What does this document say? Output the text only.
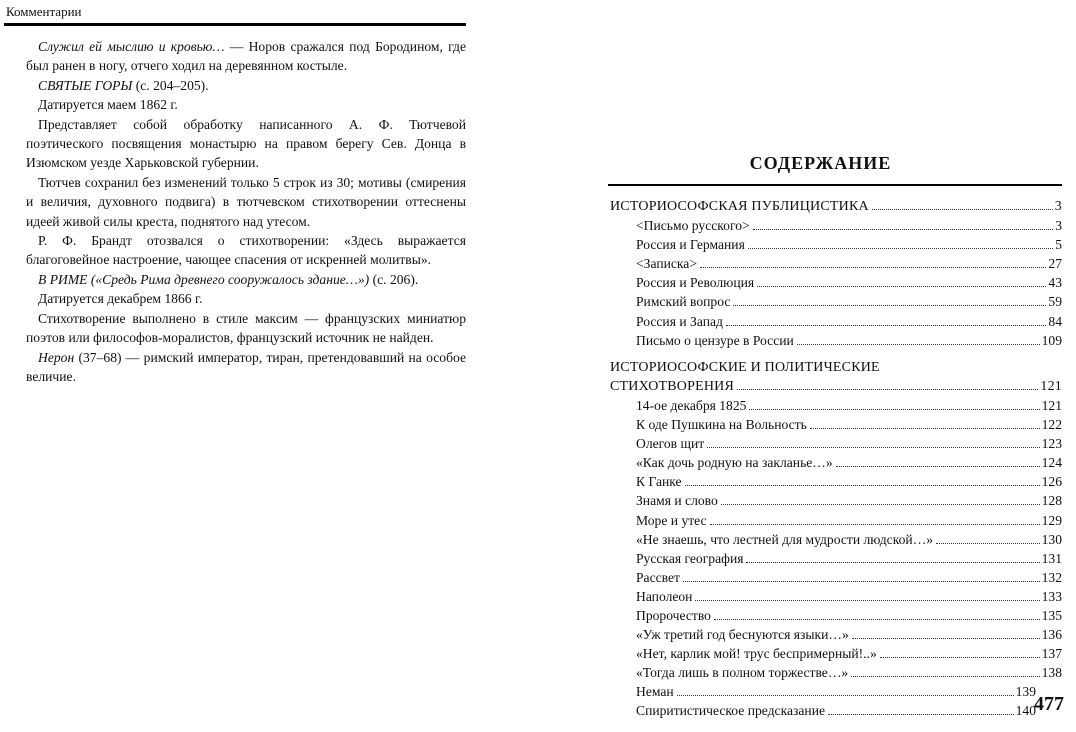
Комментарии

Служил ей мыслию и кровью… — Норов сражался под Бородином, где был ранен в ногу, отчего ходил на деревянном костыле.

СВЯТЫЕ ГОРЫ (с. 204–205).

Датируется маем 1862 г.

Представляет собой обработку написанного А. Ф. Тютчевой поэтического посвящения монастырю на правом берегу Сев. Донца в Изюмском уезде Харьковской губернии.

Тютчев сохранил без изменений только 5 строк из 30; мотивы (смирения и величия, духовного подвига) в тютчевском стихотворении оттеснены идеей живой силы креста, поднятого над утесом.

Р. Ф. Брандт отозвался о стихотворении: «Здесь выражается благоговейное настроение, чающее спасения от искренней молитвы».

В РИМЕ («Средь Рима древнего сооружалось здание…») (с. 206).

Датируется декабрем 1866 г.

Стихотворение выполнено в стиле максим — французских миниатюр поэтов или философов-моралистов, французский источник не найден.

Нерон (37–68) — римский император, тиран, претендовавший на особое величие.

СОДЕРЖАНИЕ
ИСТОРИОСОФСКАЯ ПУБЛИЦИСТИКА	3
<Письмо русского>	3
Россия и Германия	5
<Записка>	27
Россия и Революция	43
Римский вопрос	59
Россия и Запад	84
Письмо о цензуре в России	109
ИСТОРИОСОФСКИЕ И ПОЛИТИЧЕСКИЕ
СТИХОТВОРЕНИЯ	121
14-ое декабря 1825	121
К оде Пушкина на Вольность	122
Олегов щит	123
«Как дочь родную на закланье…»	124
К Ганке	126
Знамя и слово	128
Море и утес	129
«Не знаешь, что лестней для мудрости людской…»	130
Русская география	131
Рассвет	132
Наполеон	133
Пророчество	135
«Уж третий год беснуются языки…»	136
«Нет, карлик мой! трус беспримерный!..»	137
«Тогда лишь в полном торжестве…»	138
Неман	139
Спиритистическое предсказание	140
477
